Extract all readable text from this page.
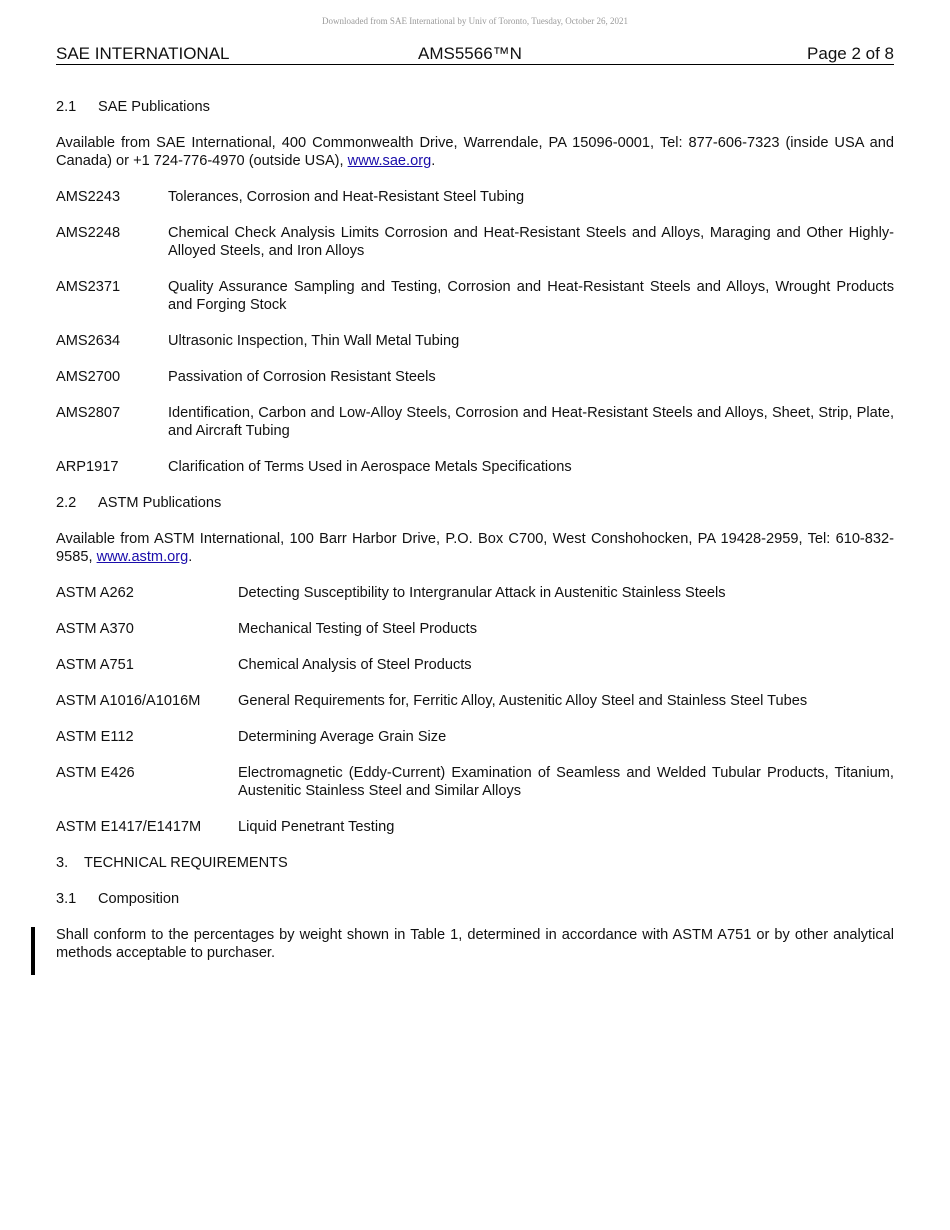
Downloaded from SAE International by Univ of Toronto, Tuesday, October 26, 2021
SAE INTERNATIONAL	AMS5566™N	Page 2 of 8
2.1 SAE Publications
Available from SAE International, 400 Commonwealth Drive, Warrendale, PA 15096-0001, Tel: 877-606-7323 (inside USA and Canada) or +1 724-776-4970 (outside USA), www.sae.org.
AMS2243	Tolerances, Corrosion and Heat-Resistant Steel Tubing
AMS2248	Chemical Check Analysis Limits Corrosion and Heat-Resistant Steels and Alloys, Maraging and Other Highly-Alloyed Steels, and Iron Alloys
AMS2371	Quality Assurance Sampling and Testing, Corrosion and Heat-Resistant Steels and Alloys, Wrought Products and Forging Stock
AMS2634	Ultrasonic Inspection, Thin Wall Metal Tubing
AMS2700	Passivation of Corrosion Resistant Steels
AMS2807	Identification, Carbon and Low-Alloy Steels, Corrosion and Heat-Resistant Steels and Alloys, Sheet, Strip, Plate, and Aircraft Tubing
ARP1917	Clarification of Terms Used in Aerospace Metals Specifications
2.2 ASTM Publications
Available from ASTM International, 100 Barr Harbor Drive, P.O. Box C700, West Conshohocken, PA 19428-2959, Tel: 610-832-9585, www.astm.org.
ASTM A262	Detecting Susceptibility to Intergranular Attack in Austenitic Stainless Steels
ASTM A370	Mechanical Testing of Steel Products
ASTM A751	Chemical Analysis of Steel Products
ASTM A1016/A1016M	General Requirements for, Ferritic Alloy, Austenitic Alloy Steel and Stainless Steel Tubes
ASTM E112	Determining Average Grain Size
ASTM E426	Electromagnetic (Eddy-Current) Examination of Seamless and Welded Tubular Products, Titanium, Austenitic Stainless Steel and Similar Alloys
ASTM E1417/E1417M	Liquid Penetrant Testing
3. TECHNICAL REQUIREMENTS
3.1 Composition
Shall conform to the percentages by weight shown in Table 1, determined in accordance with ASTM A751 or by other analytical methods acceptable to purchaser.
